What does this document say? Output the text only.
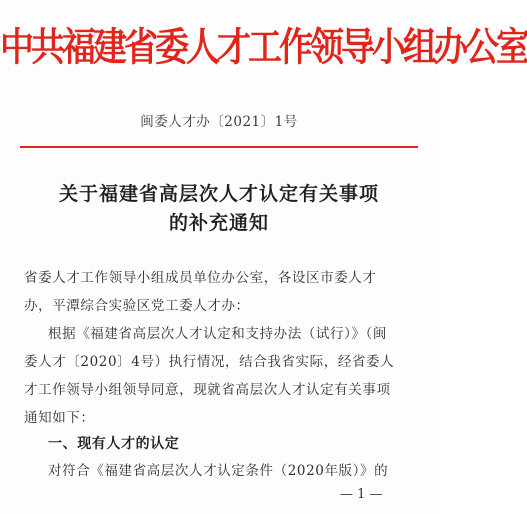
中共福建省委人才工作领导小组办公室
闽委人才办〔2021〕1号
关于福建省高层次人才认定有关事项
的补充通知
省委人才工作领导小组成员单位办公室，各设区市委人才
办，平潭综合实验区党工委人才办：
根据《福建省高层次人才认定和支持办法（试行）》（闽
委人才〔2020〕4号）执行情况，结合我省实际，经省委人
才工作领导小组领导同意，现就省高层次人才认定有关事项
通知如下：
一、现有人才的认定
对符合《福建省高层次人才认定条件（2020年版）》的
— 1 —
